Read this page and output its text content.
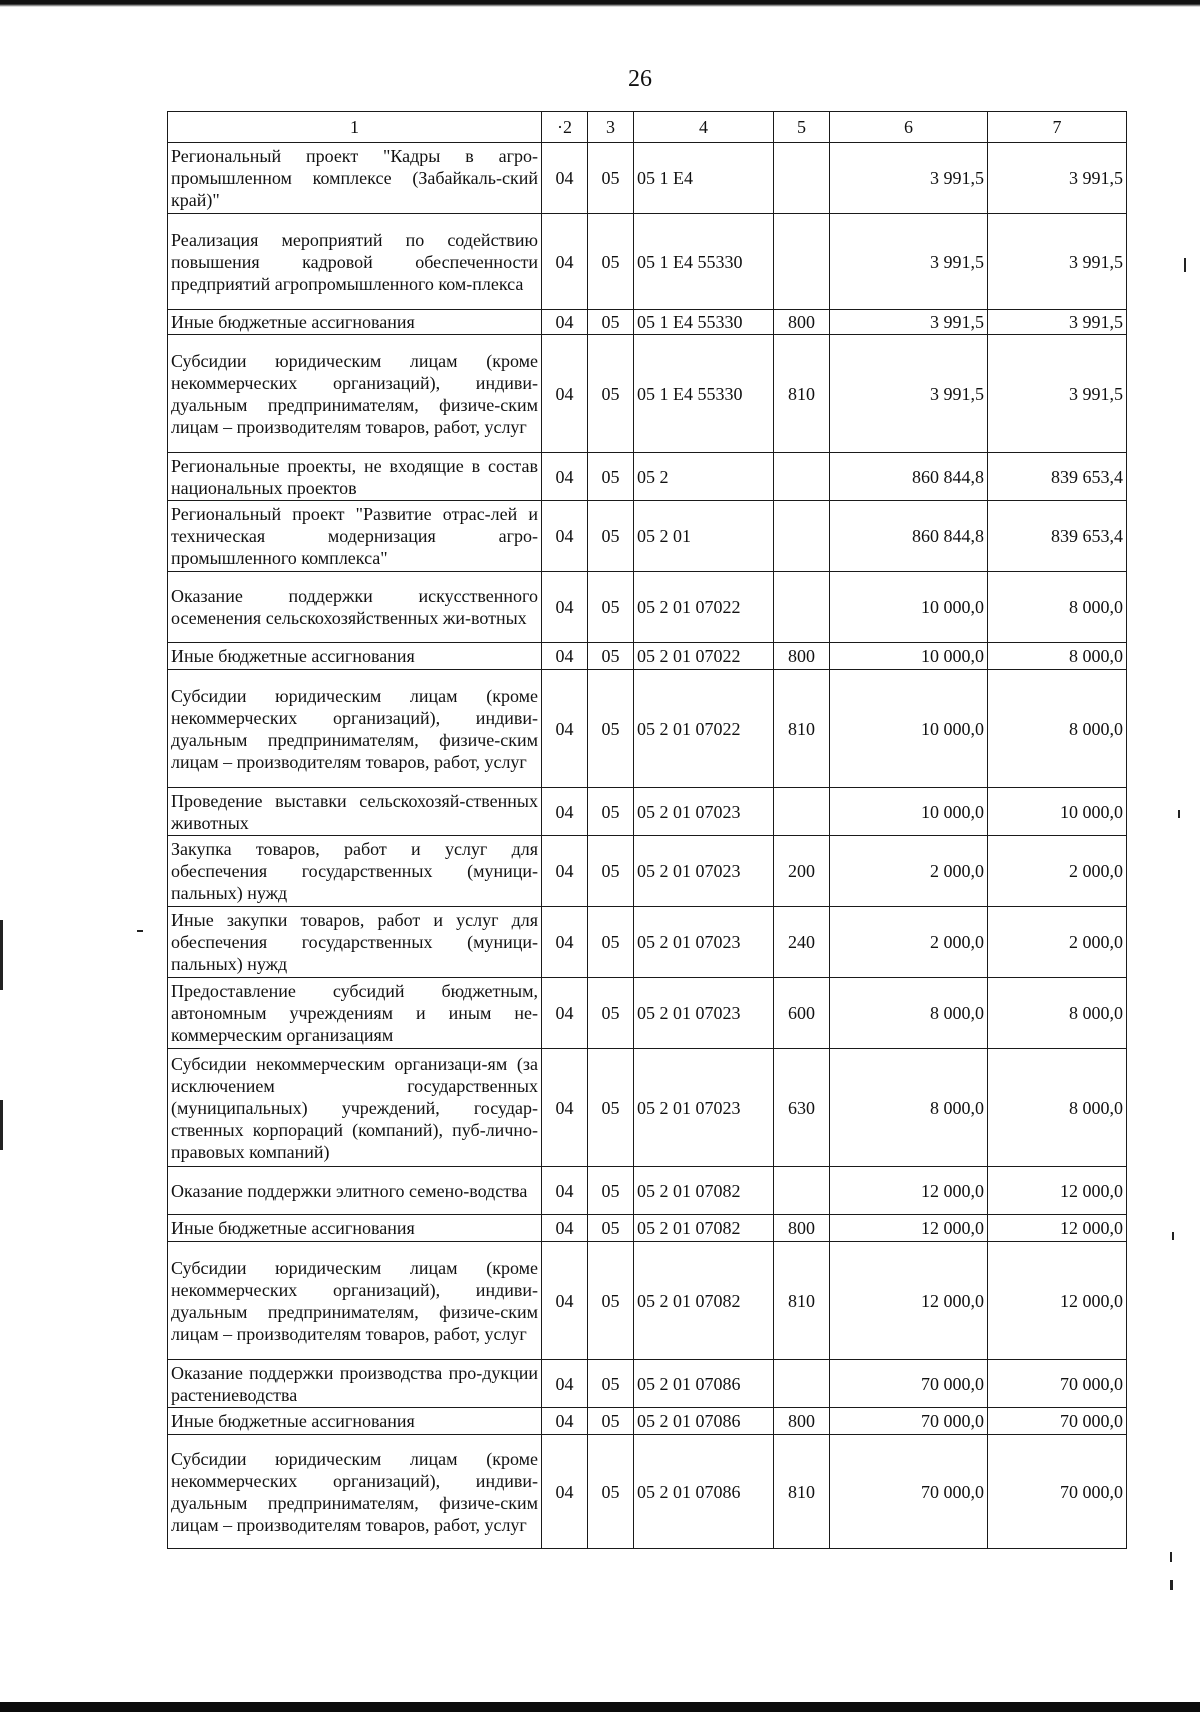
26
1	·2	3	4	5	6	7
Региональный проект "Кадры в агро-промышленном комплексе (Забайкаль-ский край)"	04	05	05 1 Е4		3 991,5	3 991,5
Реализация мероприятий по содействию повышения кадровой обеспеченности предприятий агропромышленного ком-плекса	04	05	05 1 Е4 55330		3 991,5	3 991,5
Иные бюджетные ассигнования	04	05	05 1 Е4 55330	800	3 991,5	3 991,5
Субсидии юридическим лицам (кроме некоммерческих организаций), индиви-дуальным предпринимателям, физиче-ским лицам – производителям товаров, работ, услуг	04	05	05 1 Е4 55330	810	3 991,5	3 991,5
Региональные проекты, не входящие в состав национальных проектов	04	05	05 2		860 844,8	839 653,4
Региональный проект "Развитие отрас-лей и техническая модернизация агро-промышленного комплекса"	04	05	05 2 01		860 844,8	839 653,4
Оказание поддержки искусственного осеменения сельскохозяйственных жи-вотных	04	05	05 2 01 07022		10 000,0	8 000,0
Иные бюджетные ассигнования	04	05	05 2 01 07022	800	10 000,0	8 000,0
Субсидии юридическим лицам (кроме некоммерческих организаций), индиви-дуальным предпринимателям, физиче-ским лицам – производителям товаров, работ, услуг	04	05	05 2 01 07022	810	10 000,0	8 000,0
Проведение выставки сельскохозяй-ственных животных	04	05	05 2 01 07023		10 000,0	10 000,0
Закупка товаров, работ и услуг для обеспечения государственных (муници-пальных) нужд	04	05	05 2 01 07023	200	2 000,0	2 000,0
Иные закупки товаров, работ и услуг для обеспечения государственных (муници-пальных) нужд	04	05	05 2 01 07023	240	2 000,0	2 000,0
Предоставление субсидий бюджетным, автономным учреждениям и иным не-коммерческим организациям	04	05	05 2 01 07023	600	8 000,0	8 000,0
Субсидии некоммерческим организаци-ям (за исключением государственных (муниципальных) учреждений, государ-ственных корпораций (компаний), пуб-лично-правовых компаний)	04	05	05 2 01 07023	630	8 000,0	8 000,0
Оказание поддержки элитного семено-водства	04	05	05 2 01 07082		12 000,0	12 000,0
Иные бюджетные ассигнования	04	05	05 2 01 07082	800	12 000,0	12 000,0
Субсидии юридическим лицам (кроме некоммерческих организаций), индиви-дуальным предпринимателям, физиче-ским лицам – производителям товаров, работ, услуг	04	05	05 2 01 07082	810	12 000,0	12 000,0
Оказание поддержки производства про-дукции растениеводства	04	05	05 2 01 07086		70 000,0	70 000,0
Иные бюджетные ассигнования	04	05	05 2 01 07086	800	70 000,0	70 000,0
Субсидии юридическим лицам (кроме некоммерческих организаций), индиви-дуальным предпринимателям, физиче-ским лицам – производителям товаров, работ, услуг	04	05	05 2 01 07086	810	70 000,0	70 000,0
